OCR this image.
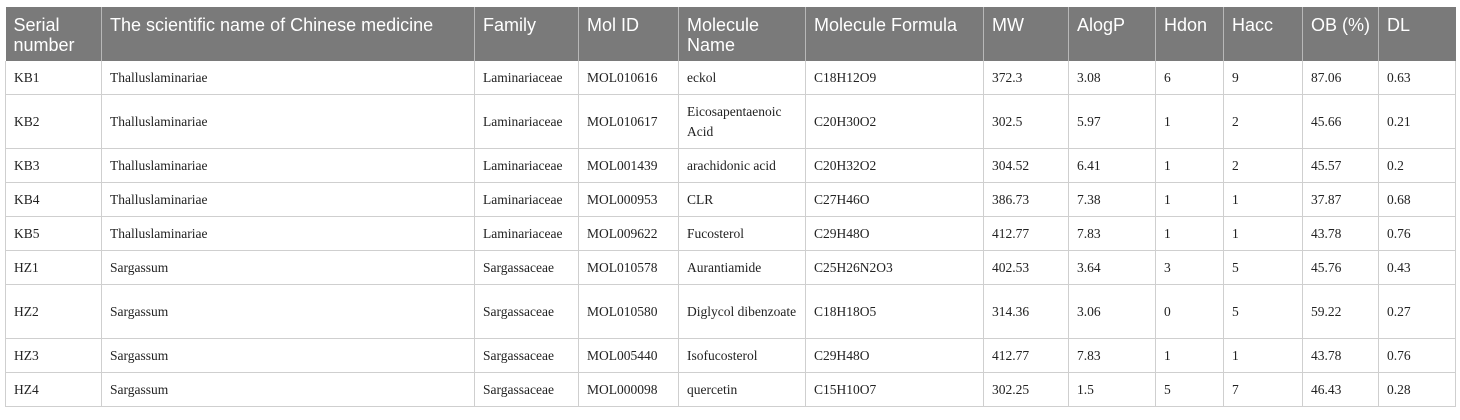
Serial number	The scientific name of Chinese medicine	Family	Mol ID	Molecule Name	Molecule Formula	MW	AlogP	Hdon	Hacc	OB (%)	DL
KB1	Thalluslaminariae	Laminariaceae	MOL010616	eckol	C18H12O9	372.3	3.08	6	9	87.06	0.63
KB2	Thalluslaminariae	Laminariaceae	MOL010617	Eicosapentaenoic Acid	C20H30O2	302.5	5.97	1	2	45.66	0.21
KB3	Thalluslaminariae	Laminariaceae	MOL001439	arachidonic acid	C20H32O2	304.52	6.41	1	2	45.57	0.2
KB4	Thalluslaminariae	Laminariaceae	MOL000953	CLR	C27H46O	386.73	7.38	1	1	37.87	0.68
KB5	Thalluslaminariae	Laminariaceae	MOL009622	Fucosterol	C29H48O	412.77	7.83	1	1	43.78	0.76
HZ1	Sargassum	Sargassaceae	MOL010578	Aurantiamide	C25H26N2O3	402.53	3.64	3	5	45.76	0.43
HZ2	Sargassum	Sargassaceae	MOL010580	Diglycol dibenzoate	C18H18O5	314.36	3.06	0	5	59.22	0.27
HZ3	Sargassum	Sargassaceae	MOL005440	Isofucosterol	C29H48O	412.77	7.83	1	1	43.78	0.76
HZ4	Sargassum	Sargassaceae	MOL000098	quercetin	C15H10O7	302.25	1.5	5	7	46.43	0.28
